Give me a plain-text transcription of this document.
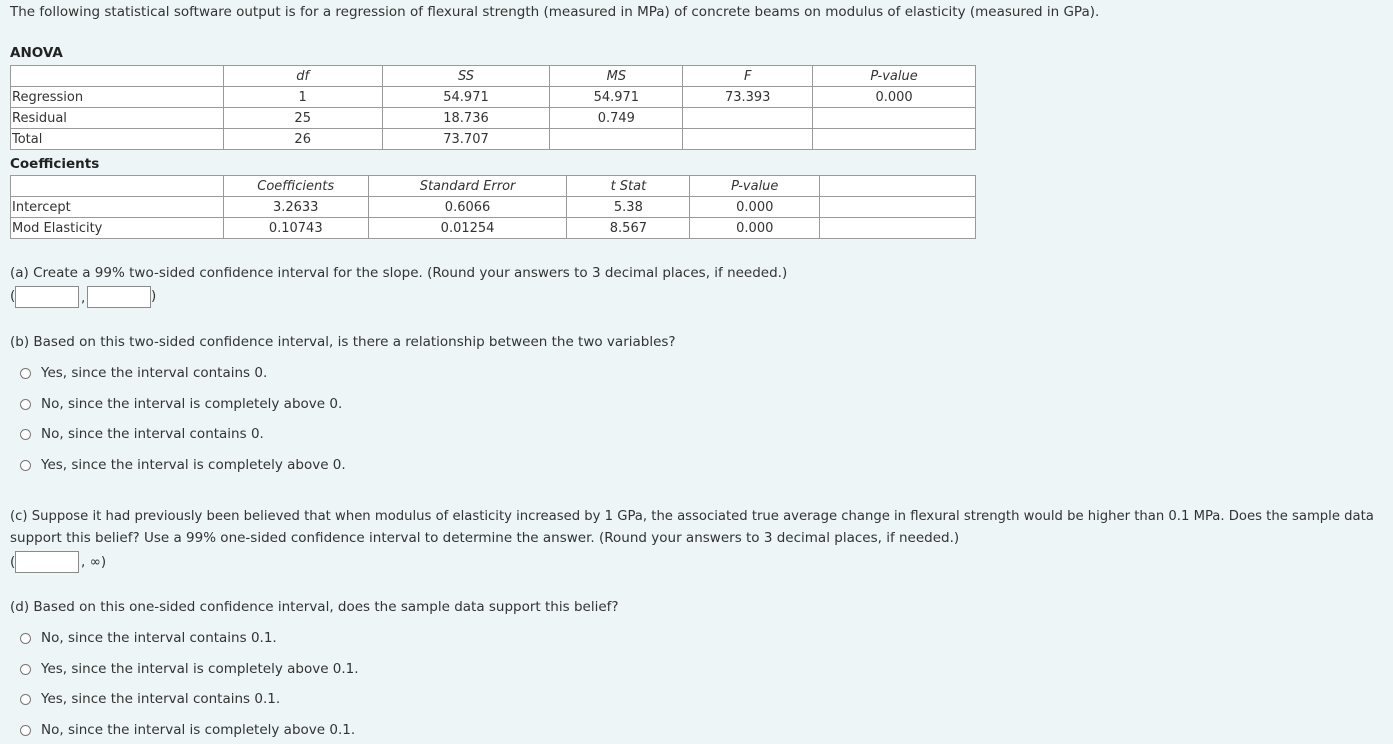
The following statistical software output is for a regression of flexural strength (measured in MPa) of concrete beams on modulus of elasticity (measured in GPa).
ANOVA
	df	SS	MS	F	P-value
Regression	1	54.971	54.971	73.393	0.000
Residual	25	18.736	0.749		
Total	26	73.707			
Coefficients
	Coefficients	Standard Error	t Stat	P-value	
Intercept	3.2633	0.6066	5.38	0.000	
Mod Elasticity	0.10743	0.01254	8.567	0.000	
(a) Create a 99% two-sided confidence interval for the slope. (Round your answers to 3 decimal places, if needed.)
(	,	)
(b) Based on this two-sided confidence interval, is there a relationship between the two variables?
Yes, since the interval contains 0.
No, since the interval is completely above 0.
No, since the interval contains 0.
Yes, since the interval is completely above 0.
(c) Suppose it had previously been believed that when modulus of elasticity increased by 1 GPa, the associated true average change in flexural strength would be higher than 0.1 MPa. Does the sample data
support this belief? Use a 99% one-sided confidence interval to determine the answer. (Round your answers to 3 decimal places, if needed.)
(	, ∞)
(d) Based on this one-sided confidence interval, does the sample data support this belief?
No, since the interval contains 0.1.
Yes, since the interval is completely above 0.1.
Yes, since the interval contains 0.1.
No, since the interval is completely above 0.1.
